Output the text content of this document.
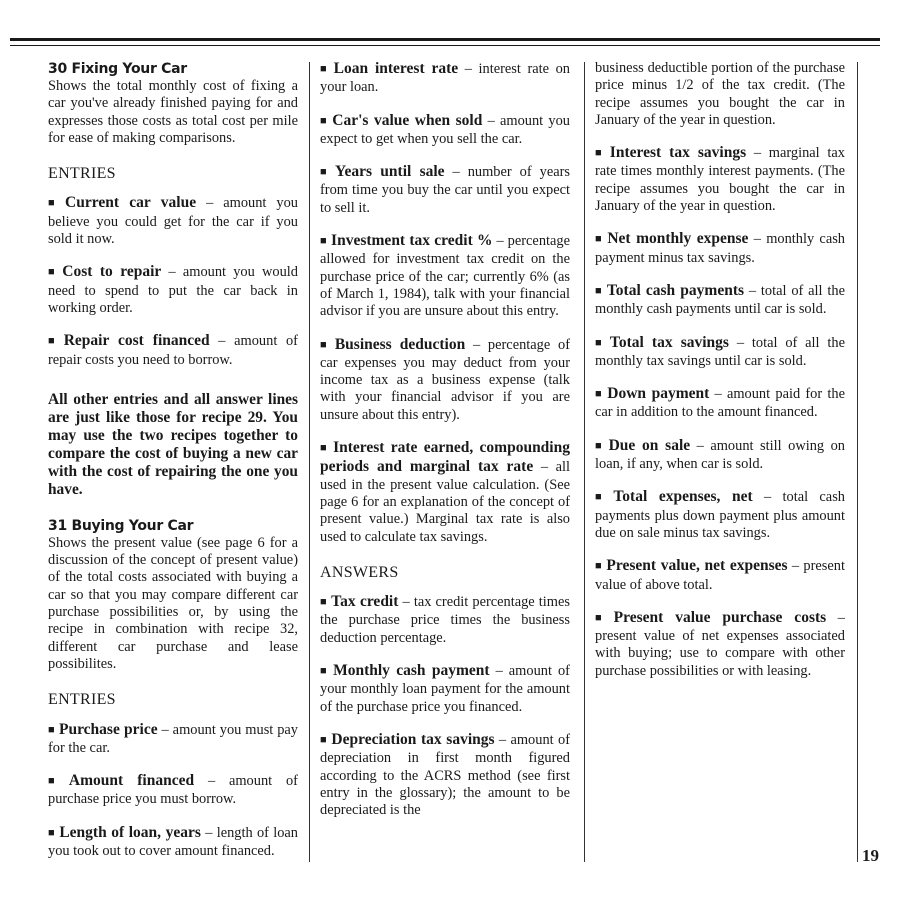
30 Fixing Your Car

Shows the total monthly cost of fixing a car you've already finished paying for and expresses those costs as total cost per mile for ease of making comparisons.

ENTRIES

■ Current car value – amount you believe you could get for the car if you sold it now.

■ Cost to repair – amount you would need to spend to put the car back in working order.

■ Repair cost financed – amount of repair costs you need to borrow.

All other entries and all answer lines are just like those for recipe 29. You may use the two recipes together to compare the cost of buying a new car with the cost of repairing the one you have.

31 Buying Your Car

Shows the present value (see page 6 for a discussion of the concept of present value) of the total costs associated with buying a car so that you may compare different car purchase possibilities or, by using the recipe in combination with recipe 32, different car purchase and lease possibilites.

ENTRIES

■ Purchase price – amount you must pay for the car.

■ Amount financed – amount of purchase price you must borrow.

■ Length of loan, years – length of loan you took out to cover amount financed.

■ Loan interest rate – interest rate on your loan.

■ Car's value when sold – amount you expect to get when you sell the car.

■ Years until sale – number of years from time you buy the car until you expect to sell it.

■ Investment tax credit % – percentage allowed for investment tax credit on the purchase price of the car; currently 6% (as of March 1, 1984), talk with your financial advisor if you are unsure about this entry.

■ Business deduction – percentage of car expenses you may deduct from your income tax as a business expense (talk with your financial advisor if you are unsure about this entry).

■ Interest rate earned, compounding periods and marginal tax rate – all used in the present value calculation. (See page 6 for an explanation of the concept of present value.) Marginal tax rate is also used to calculate tax savings.

ANSWERS

■ Tax credit – tax credit percentage times the purchase price times the business deduction percentage.

■ Monthly cash payment – amount of your monthly loan payment for the amount of the purchase price you financed.

■ Depreciation tax savings – amount of depreciation in first month figured according to the ACRS method (see first entry in the glossary); the amount to be depreciated is the

business deductible portion of the purchase price minus 1/2 of the tax credit. (The recipe assumes you bought the car in January of the year in question.

■ Interest tax savings – marginal tax rate times monthly interest payments. (The recipe assumes you bought the car in January of the year in question.

■ Net monthly expense – monthly cash payment minus tax savings.

■ Total cash payments – total of all the monthly cash payments until car is sold.

■ Total tax savings – total of all the monthly tax savings until car is sold.

■ Down payment – amount paid for the car in addition to the amount financed.

■ Due on sale – amount still owing on loan, if any, when car is sold.

■ Total expenses, net – total cash payments plus down payment plus amount due on sale minus tax savings.

■ Present value, net expenses – present value of above total.

■ Present value purchase costs – present value of net expenses associated with buying; use to compare with other purchase possibilities or with leasing.

19
